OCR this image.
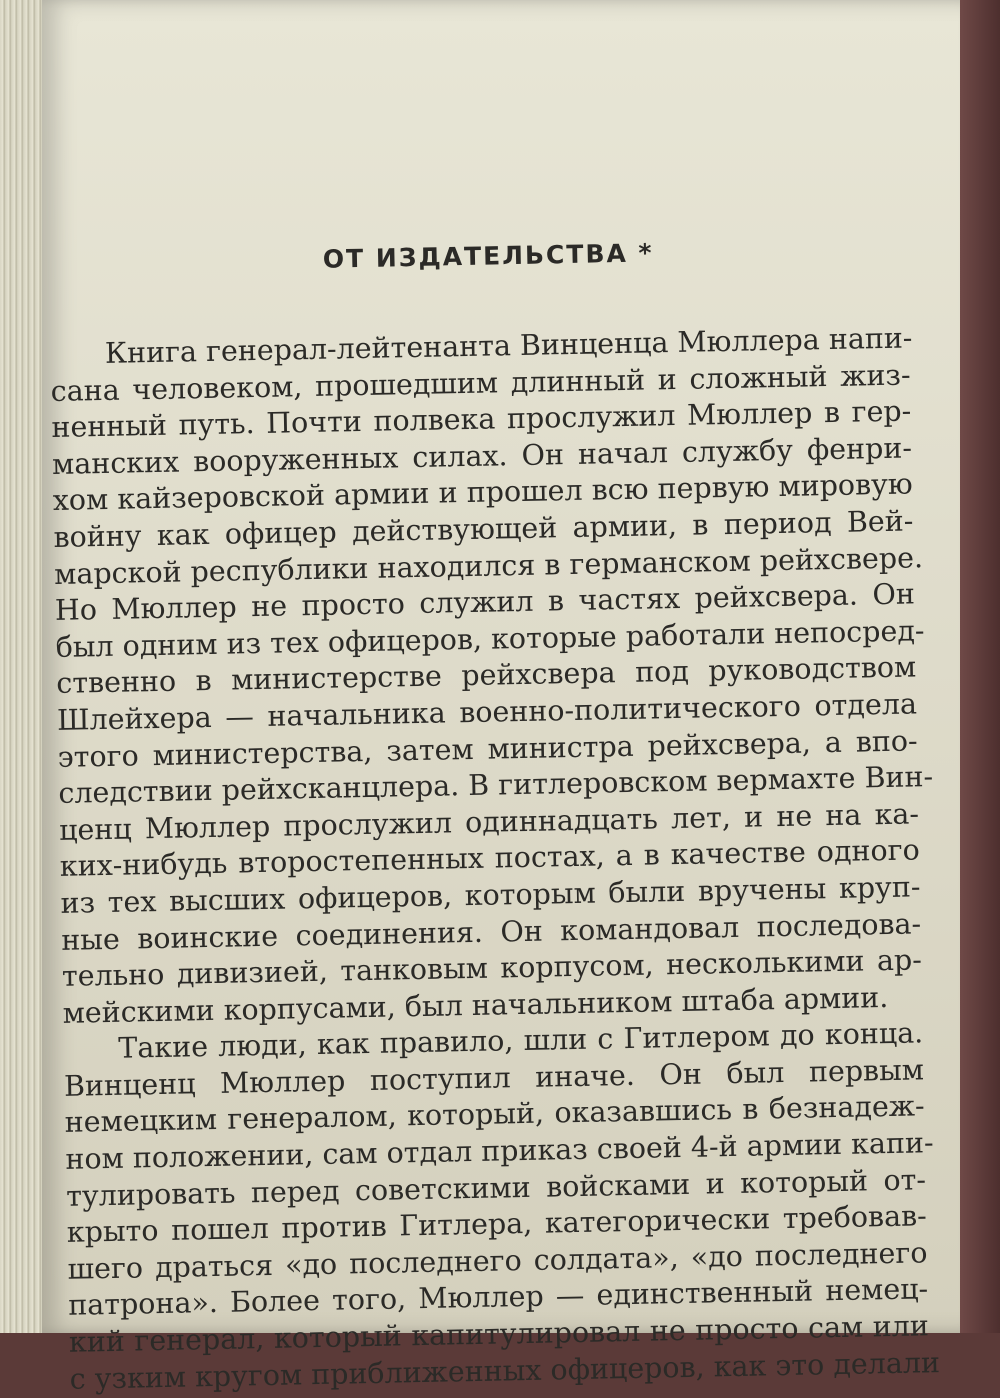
ОТ ИЗДАТЕЛЬСТВА *
Книга генерал-лейтенанта Винценца Мюллера напи-
сана человеком, прошедшим длинный и сложный жиз-
ненный путь. Почти полвека прослужил Мюллер в гер-
манских вооруженных силах. Он начал службу фенри-
хом кайзеровской армии и прошел всю первую мировую
войну как офицер действующей армии, в период Вей-
марской республики находился в германском рейхсвере.
Но Мюллер не просто служил в частях рейхсвера. Он
был одним из тех офицеров, которые работали непосред-
ственно в министерстве рейхсвера под руководством
Шлейхера — начальника военно-политического отдела
этого министерства, затем министра рейхсвера, а впо-
следствии рейхсканцлера. В гитлеровском вермахте Вин-
ценц Мюллер прослужил одиннадцать лет, и не на ка-
ких-нибудь второстепенных постах, а в качестве одного
из тех высших офицеров, которым были вручены круп-
ные воинские соединения. Он командовал последова-
тельно дивизией, танковым корпусом, несколькими ар-
мейскими корпусами, был начальником штаба армии.
Такие люди, как правило, шли с Гитлером до конца.
Винценц Мюллер поступил иначе. Он был первым
немецким генералом, который, оказавшись в безнадеж-
ном положении, сам отдал приказ своей 4-й армии капи-
тулировать перед советскими войсками и который от-
крыто пошел против Гитлера, категорически требовав-
шего драться «до последнего солдата», «до последнего
патрона». Более того, Мюллер — единственный немец-
кий генерал, который капитулировал не просто сам или
с узким кругом приближенных офицеров, как это делали
